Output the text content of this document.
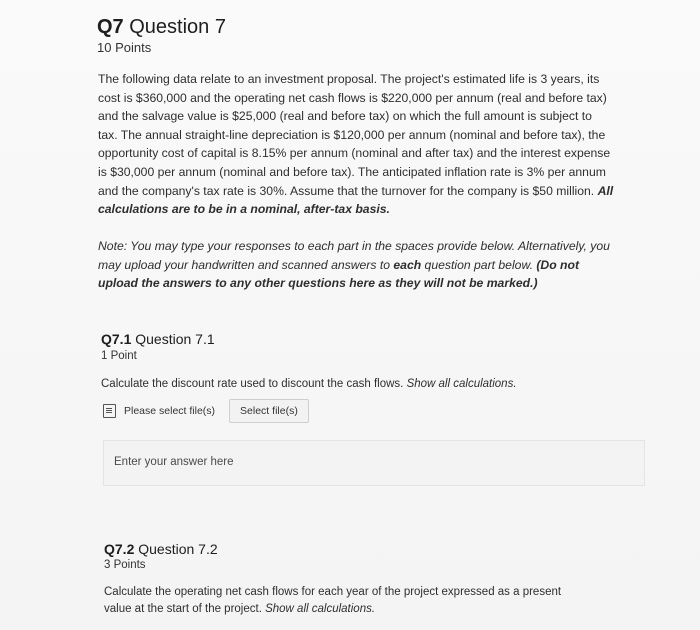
Q7 Question 7
10 Points
The following data relate to an investment proposal. The project's estimated life is 3 years, its
cost is $360,000 and the operating net cash flows is $220,000 per annum (real and before tax)
and the salvage value is $25,000 (real and before tax) on which the full amount is subject to
tax. The annual straight-line depreciation is $120,000 per annum (nominal and before tax), the
opportunity cost of capital is 8.15% per annum (nominal and after tax) and the interest expense
is $30,000 per annum (nominal and before tax). The anticipated inflation rate is 3% per annum
and the company's tax rate is 30%. Assume that the turnover for the company is $50 million. All
calculations are to be in a nominal, after-tax basis.
Note: You may type your responses to each part in the spaces provide below. Alternatively, you
may upload your handwritten and scanned answers to each question part below. (Do not
upload the answers to any other questions here as they will not be marked.)
Q7.1 Question 7.1
1 Point
Calculate the discount rate used to discount the cash flows. Show all calculations.
Please select file(s)	Select file(s)
Enter your answer here
Q7.2 Question 7.2
3 Points
Calculate the operating net cash flows for each year of the project expressed as a present
value at the start of the project. Show all calculations.
